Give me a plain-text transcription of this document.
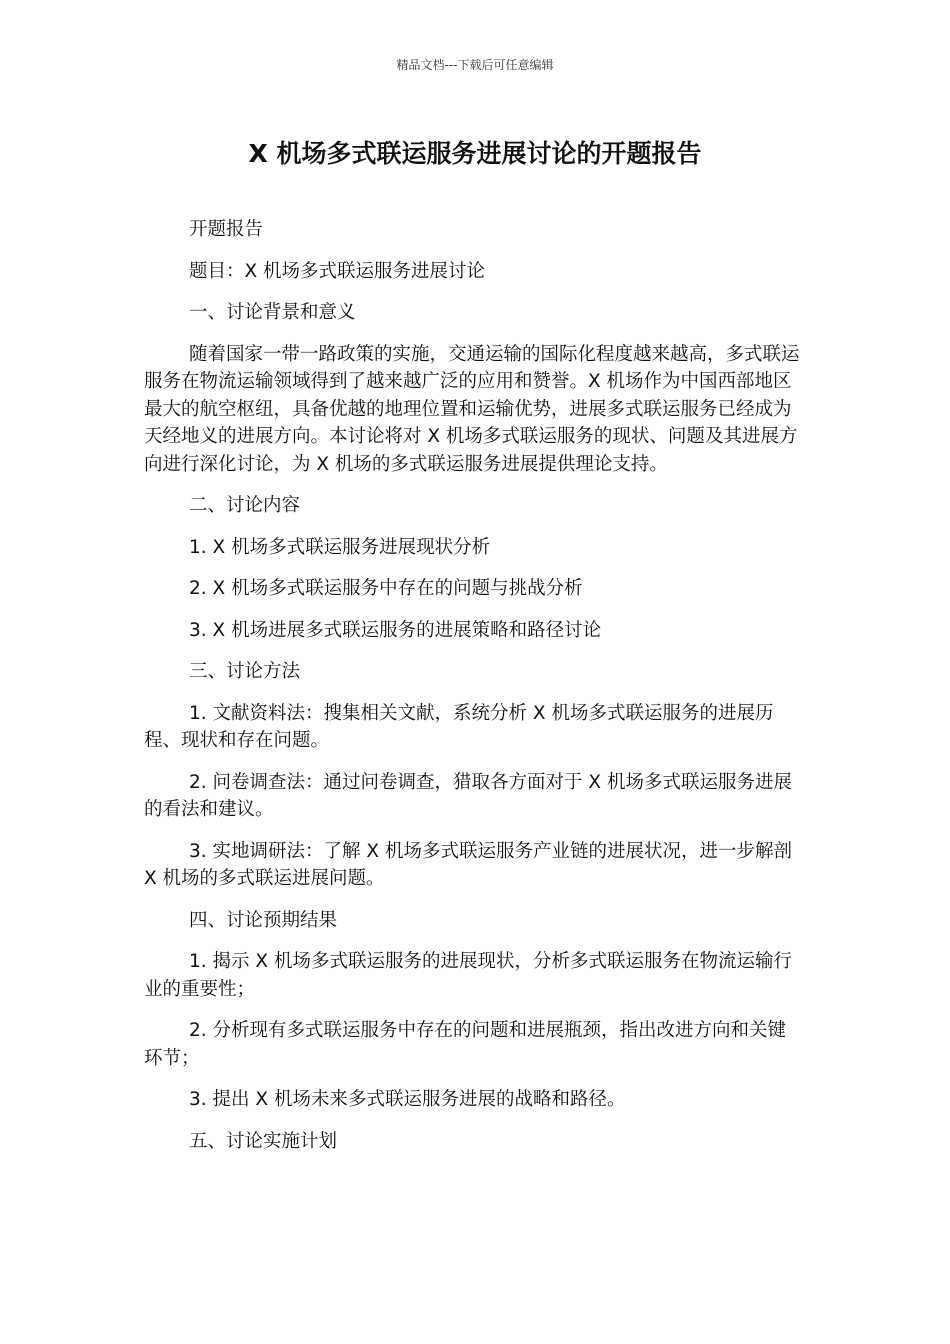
精品文档---下载后可任意编辑
X 机场多式联运服务进展讨论的开题报告

开题报告

题目：X 机场多式联运服务进展讨论

一、讨论背景和意义

随着国家一带一路政策的实施，交通运输的国际化程度越来越高，多式联运服务在物流运输领域得到了越来越广泛的应用和赞誉。X 机场作为中国西部地区最大的航空枢纽，具备优越的地理位置和运输优势，进展多式联运服务已经成为天经地义的进展方向。本讨论将对 X 机场多式联运服务的现状、问题及其进展方向进行深化讨论，为 X 机场的多式联运服务进展提供理论支持。

二、讨论内容

1. X 机场多式联运服务进展现状分析

2. X 机场多式联运服务中存在的问题与挑战分析

3. X 机场进展多式联运服务的进展策略和路径讨论

三、讨论方法

1. 文献资料法：搜集相关文献，系统分析 X 机场多式联运服务的进展历程、现状和存在问题。

2. 问卷调查法：通过问卷调查，猎取各方面对于 X 机场多式联运服务进展的看法和建议。

3. 实地调研法：了解 X 机场多式联运服务产业链的进展状况，进一步解剖 X 机场的多式联运进展问题。

四、讨论预期结果

1. 揭示 X 机场多式联运服务的进展现状，分析多式联运服务在物流运输行业的重要性；

2. 分析现有多式联运服务中存在的问题和进展瓶颈，指出改进方向和关键环节；

3. 提出 X 机场未来多式联运服务进展的战略和路径。

五、讨论实施计划
